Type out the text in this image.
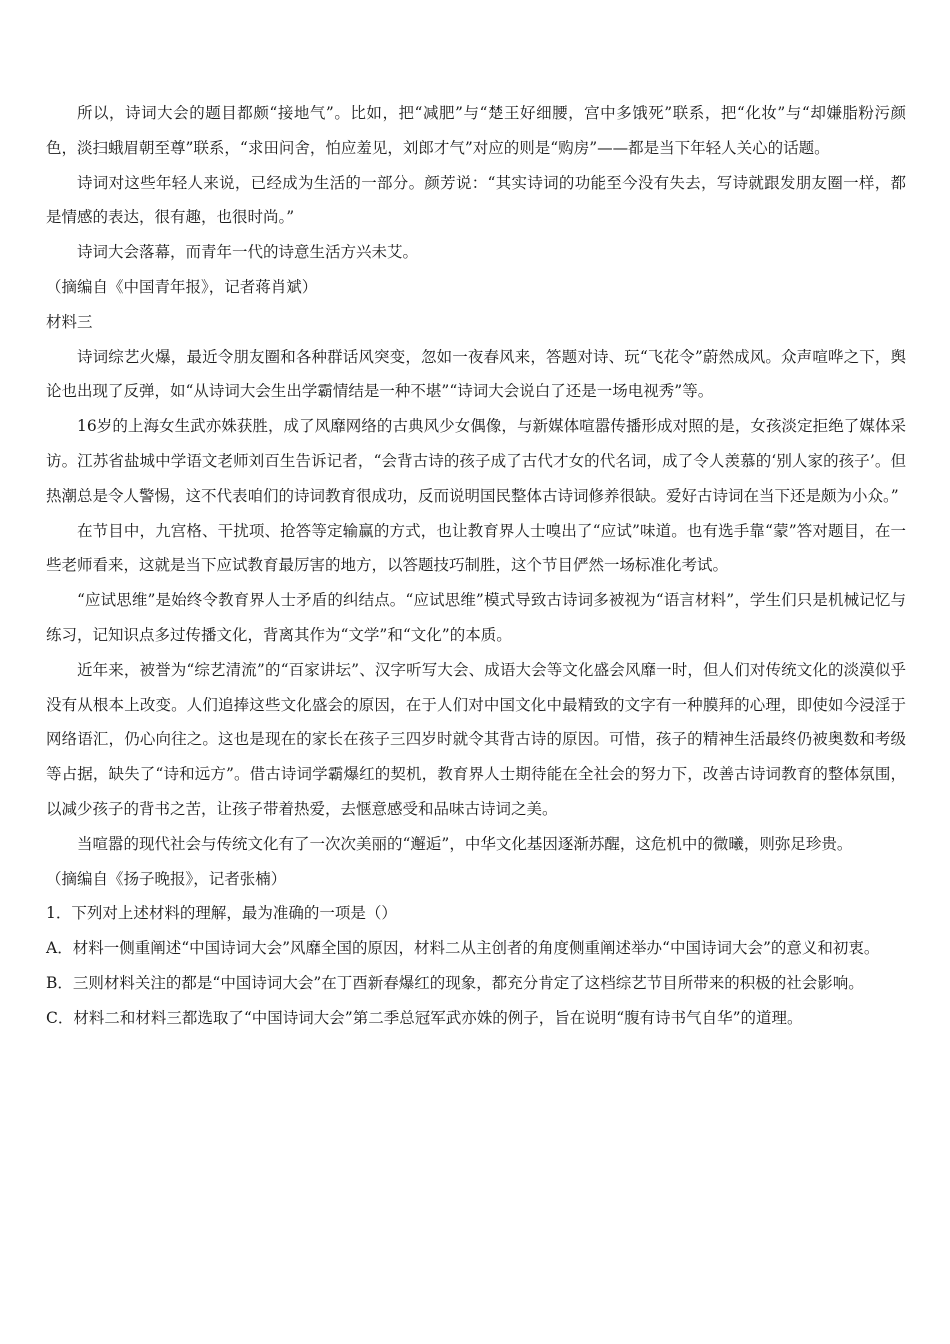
所以，诗词大会的题目都颇“接地气”。比如，把“减肥”与“楚王好细腰，宫中多饿死”联系，把“化妆”与“却嫌脂粉污颜色，淡扫蛾眉朝至尊”联系，“求田问舍，怕应羞见，刘郎才气”对应的则是“购房”——都是当下年轻人关心的话题。

诗词对这些年轻人来说，已经成为生活的一部分。颜芳说：“其实诗词的功能至今没有失去，写诗就跟发朋友圈一样，都是情感的表达，很有趣，也很时尚。”

诗词大会落幕，而青年一代的诗意生活方兴未艾。

（摘编自《中国青年报》，记者蒋肖斌）

材料三

诗词综艺火爆，最近令朋友圈和各种群话风突变，忽如一夜春风来，答题对诗、玩“飞花令”蔚然成风。众声喧哗之下，舆论也出现了反弹，如“从诗词大会生出学霸情结是一种不堪”“诗词大会说白了还是一场电视秀”等。

16岁的上海女生武亦姝获胜，成了风靡网络的古典风少女偶像，与新媒体喧嚣传播形成对照的是，女孩淡定拒绝了媒体采访。江苏省盐城中学语文老师刘百生告诉记者，“会背古诗的孩子成了古代才女的代名词，成了令人羡慕的‘别人家的孩子’。但热潮总是令人警惕，这不代表咱们的诗词教育很成功，反而说明国民整体古诗词修养很缺。爱好古诗词在当下还是颇为小众。”

在节目中，九宫格、干扰项、抢答等定输赢的方式，也让教育界人士嗅出了“应试”味道。也有选手靠“蒙”答对题目，在一些老师看来，这就是当下应试教育最厉害的地方，以答题技巧制胜，这个节目俨然一场标准化考试。

“应试思维”是始终令教育界人士矛盾的纠结点。“应试思维”模式导致古诗词多被视为“语言材料”，学生们只是机械记忆与练习，记知识点多过传播文化，背离其作为“文学”和“文化”的本质。

近年来，被誉为“综艺清流”的“百家讲坛”、汉字听写大会、成语大会等文化盛会风靡一时，但人们对传统文化的淡漠似乎没有从根本上改变。人们追捧这些文化盛会的原因，在于人们对中国文化中最精致的文字有一种膜拜的心理，即使如今浸淫于网络语汇，仍心向往之。这也是现在的家长在孩子三四岁时就令其背古诗的原因。可惜，孩子的精神生活最终仍被奥数和考级等占据，缺失了“诗和远方”。借古诗词学霸爆红的契机，教育界人士期待能在全社会的努力下，改善古诗词教育的整体氛围，以减少孩子的背书之苦，让孩子带着热爱，去惬意感受和品味古诗词之美。

当喧嚣的现代社会与传统文化有了一次次美丽的“邂逅”，中华文化基因逐渐苏醒，这危机中的微曦，则弥足珍贵。

（摘编自《扬子晚报》，记者张楠）

1．下列对上述材料的理解，最为准确的一项是（）

A．材料一侧重阐述“中国诗词大会”风靡全国的原因，材料二从主创者的角度侧重阐述举办“中国诗词大会”的意义和初衷。

B．三则材料关注的都是“中国诗词大会”在丁酉新春爆红的现象，都充分肯定了这档综艺节目所带来的积极的社会影响。

C．材料二和材料三都选取了“中国诗词大会”第二季总冠军武亦姝的例子，旨在说明“腹有诗书气自华”的道理。
